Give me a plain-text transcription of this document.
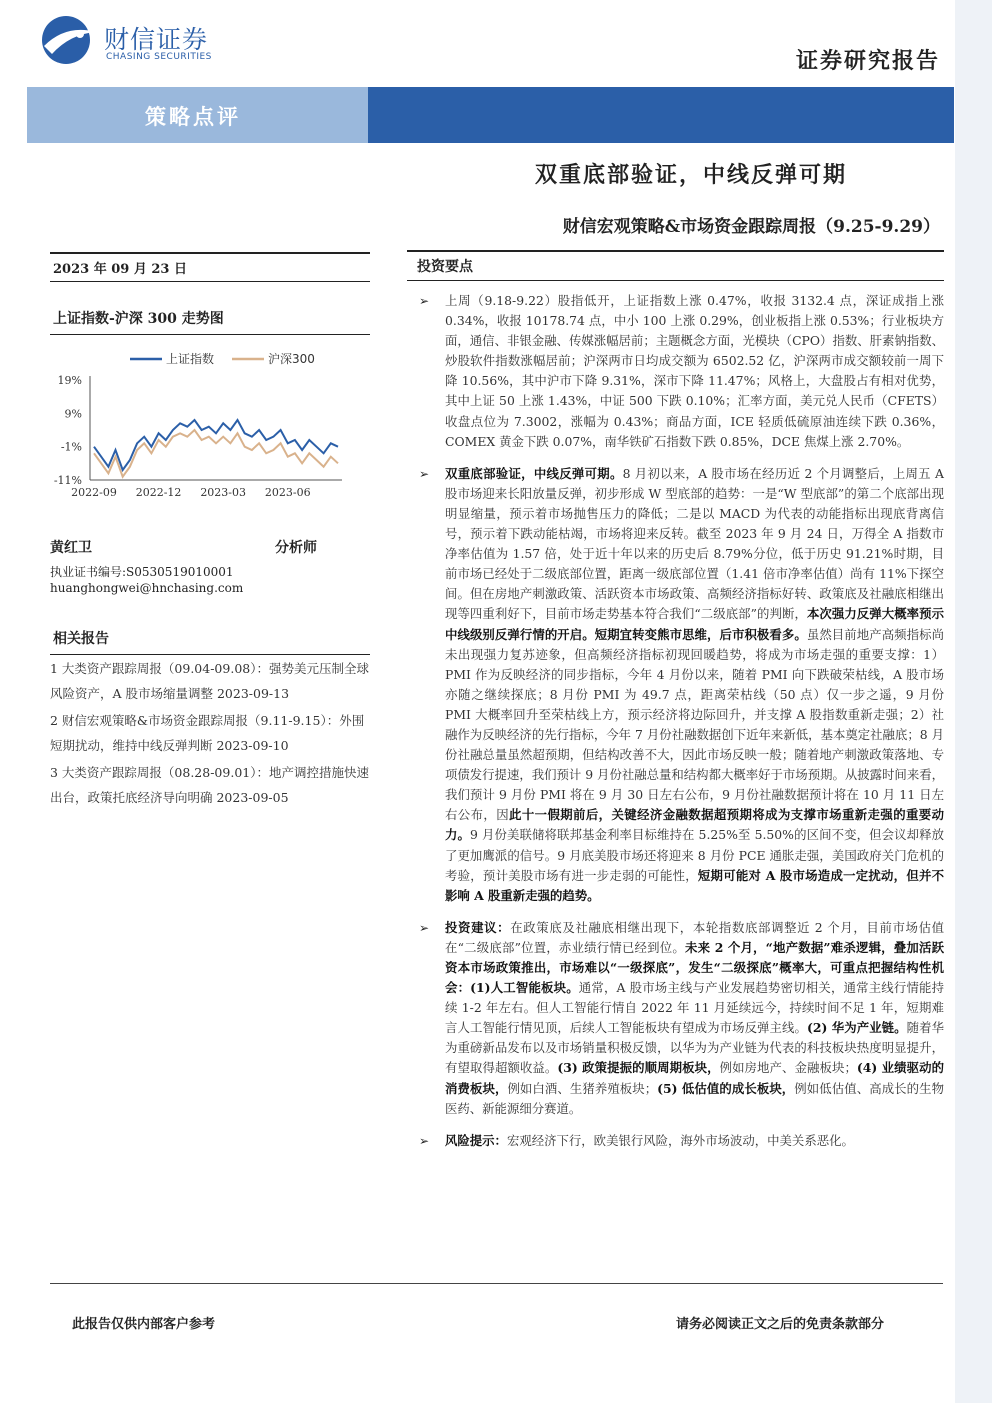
财信证券
CHASING SECURITIES	证券研究报告
策略点评
双重底部验证，中线反弹可期
财信宏观策略&市场资金跟踪周报（9.25-9.29）
2023 年 09 月 23 日
上证指数-沪深 300 走势图
19%
9%
-1%
-11%
2022-09 2022-12 2023-03 2023-06
上证指数	沪深300
黄红卫	分析师
执业证书编号:S0530519010001
huanghongwei@hnchasing.com
相关报告
1 大类资产跟踪周报（09.04-09.08）：强势美元压制全球风险资产，A 股市场缩量调整 2023-09-13
2 财信宏观策略&市场资金跟踪周报（9.11-9.15）：外围短期扰动，维持中线反弹判断 2023-09-10
3 大类资产跟踪周报（08.28-09.01）：地产调控措施快速出台，政策托底经济导向明确 2023-09-05
投资要点
➢ 上周（9.18-9.22）股指低开，上证指数上涨 0.47%，收报 3132.4 点，深证成指上涨 0.34%，收报 10178.74 点，中小 100 上涨 0.29%，创业板指上涨 0.53%；行业板块方面，通信、非银金融、传媒涨幅居前；主题概念方面，光模块（CPO）指数、肝素钠指数、炒股软件指数涨幅居前；沪深两市日均成交额为 6502.52 亿，沪深两市成交额较前一周下降 10.56%，其中沪市下降 9.31%，深市下降 11.47%；风格上，大盘股占有相对优势，其中上证 50 上涨 1.43%，中证 500 下跌 0.10%；汇率方面，美元兑人民币（CFETS）收盘点位为 7.3002，涨幅为 0.43%；商品方面，ICE 轻质低硫原油连续下跌 0.36%，COMEX 黄金下跌 0.07%，南华铁矿石指数下跌 0.85%，DCE 焦煤上涨 2.70%。
➢ 双重底部验证，中线反弹可期。8 月初以来，A 股市场在经历近 2 个月调整后，上周五 A 股市场迎来长阳放量反弹，初步形成 W 型底部的趋势：一是“W 型底部”的第二个底部出现明显缩量，预示着市场抛售压力的降低；二是以 MACD 为代表的动能指标出现底背离信号，预示着下跌动能枯竭，市场将迎来反转。截至 2023 年 9 月 24 日，万得全 A 指数市净率估值为 1.57 倍，处于近十年以来的历史后 8.79%分位，低于历史 91.21%时期，目前市场已经处于二级底部位置，距离一级底部位置（1.41 倍市净率估值）尚有 11%下探空间。但在房地产刺激政策、活跃资本市场政策、高频经济指标好转、政策底及社融底相继出现等四重利好下，目前市场走势基本符合我们“二级底部”的判断，本次强力反弹大概率预示中线级别反弹行情的开启。短期宜转变熊市思维，后市积极看多。虽然目前地产高频指标尚未出现强力复苏迹象，但高频经济指标初现回暖趋势，将成为市场走强的重要支撑：1）PMI 作为反映经济的同步指标，今年 4 月份以来，随着 PMI 向下跌破荣枯线，A 股市场亦随之继续探底；8 月份 PMI 为 49.7 点，距离荣枯线（50 点）仅一步之遥，9 月份 PMI 大概率回升至荣枯线上方，预示经济将边际回升，并支撑 A 股指数重新走强；2）社融作为反映经济的先行指标，今年 7 月份社融数据创下近年来新低，基本奠定社融底；8 月份社融总量虽然超预期，但结构改善不大，因此市场反映一般；随着地产刺激政策落地、专项债发行提速，我们预计 9 月份社融总量和结构都大概率好于市场预期。从披露时间来看，我们预计 9 月份 PMI 将在 9 月 30 日左右公布，9 月份社融数据预计将在 10 月 11 日左右公布，因此十一假期前后，关键经济金融数据超预期将成为支撑市场重新走强的重要动力。9 月份美联储将联邦基金利率目标维持在 5.25%至 5.50%的区间不变，但会议却释放了更加鹰派的信号。9 月底美股市场还将迎来 8 月份 PCE 通胀走强，美国政府关门危机的考验，预计美股市场有进一步走弱的可能性，短期可能对 A 股市场造成一定扰动，但并不影响 A 股重新走强的趋势。
➢ 投资建议：在政策底及社融底相继出现下，本轮指数底部调整近 2 个月，目前市场估值在“二级底部”位置，赤业绩行情已经到位。未来 2 个月，“地产数据”难杀逻辑，叠加活跃资本市场政策推出，市场难以“一级探底”，发生“二级探底”概率大，可重点把握结构性机会：(1)人工智能板块。通常，A 股市场主线与产业发展趋势密切相关，通常主线行情能持续 1-2 年左右。但人工智能行情自 2022 年 11 月延续远今，持续时间不足 1 年，短期难言人工智能行情见顶，后续人工智能板块有望成为市场反弹主线。(2) 华为产业链。随着华为重磅新品发布以及市场销量积极反馈，以华为为产业链为代表的科技板块热度明显提升，有望取得超额收益。(3) 政策提振的顺周期板块，例如房地产、金融板块；(4) 业绩驱动的消费板块，例如白酒、生猪养殖板块；(5) 低估值的成长板块，例如低估值、高成长的生物医药、新能源细分赛道。
➢ 风险提示：宏观经济下行，欧美银行风险，海外市场波动，中美关系恶化。
此报告仅供内部客户参考	请务必阅读正文之后的免责条款部分
